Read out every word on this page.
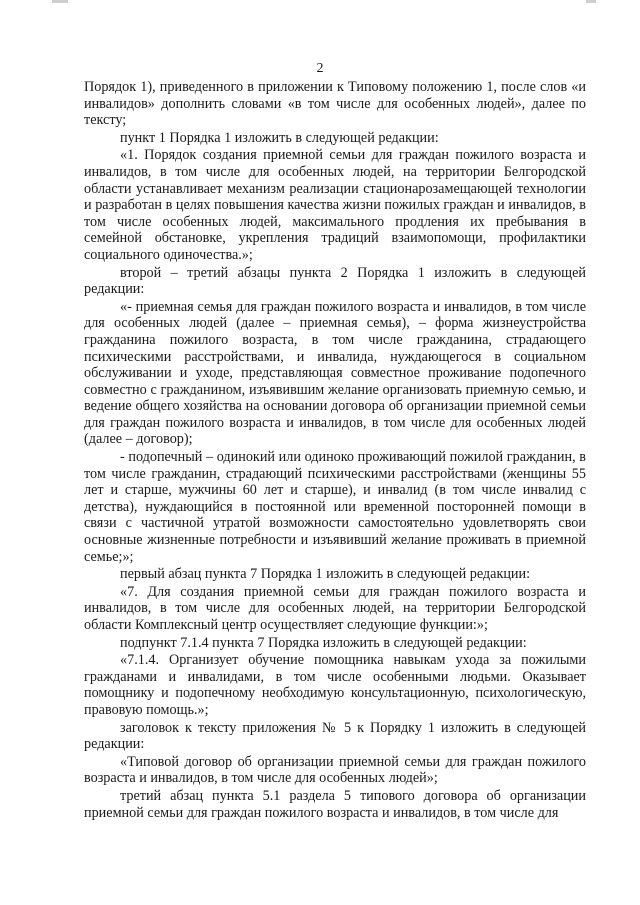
2

Порядок 1), приведенного в приложении к Типовому положению 1, после слов «и инвалидов» дополнить словами «в том числе для особенных людей», далее по тексту;

пункт 1 Порядка 1 изложить в следующей редакции:

«1. Порядок создания приемной семьи для граждан пожилого возраста и инвалидов, в том числе для особенных людей, на территории Белгородской области устанавливает механизм реализации стационарозамещающей технологии и разработан в целях повышения качества жизни пожилых граждан и инвалидов, в том числе особенных людей, максимального продления их пребывания в семейной обстановке, укрепления традиций взаимопомощи, профилактики социального одиночества.»;

второй – третий абзацы пункта 2 Порядка 1 изложить в следующей редакции:

«- приемная семья для граждан пожилого возраста и инвалидов, в том числе для особенных людей (далее – приемная семья), – форма жизнеустройства гражданина пожилого возраста, в том числе гражданина, страдающего психическими расстройствами, и инвалида, нуждающегося в социальном обслуживании и уходе, представляющая совместное проживание подопечного совместно с гражданином, изъявившим желание организовать приемную семью, и ведение общего хозяйства на основании договора об организации приемной семьи для граждан пожилого возраста и инвалидов, в том числе для особенных людей (далее – договор);

- подопечный – одинокий или одиноко проживающий пожилой гражданин, в том числе гражданин, страдающий психическими расстройствами (женщины 55 лет и старше, мужчины 60 лет и старше), и инвалид (в том числе инвалид с детства), нуждающийся в постоянной или временной посторонней помощи в связи с частичной утратой возможности самостоятельно удовлетворять свои основные жизненные потребности и изъявивший желание проживать в приемной семье;»;

первый абзац пункта 7 Порядка 1 изложить в следующей редакции:

«7. Для создания приемной семьи для граждан пожилого возраста и инвалидов, в том числе для особенных людей, на территории Белгородской области Комплексный центр осуществляет следующие функции:»;

подпункт 7.1.4 пункта 7 Порядка изложить в следующей редакции:

«7.1.4. Организует обучение помощника навыкам ухода за пожилыми гражданами и инвалидами, в том числе особенными людьми. Оказывает помощнику и подопечному необходимую консультационную, психологическую, правовую помощь.»;

заголовок к тексту приложения № 5 к Порядку 1 изложить в следующей редакции:

«Типовой договор об организации приемной семьи для граждан пожилого возраста и инвалидов, в том числе для особенных людей»;

третий абзац пункта 5.1 раздела 5 типового договора об организации приемной семьи для граждан пожилого возраста и инвалидов, в том числе для
